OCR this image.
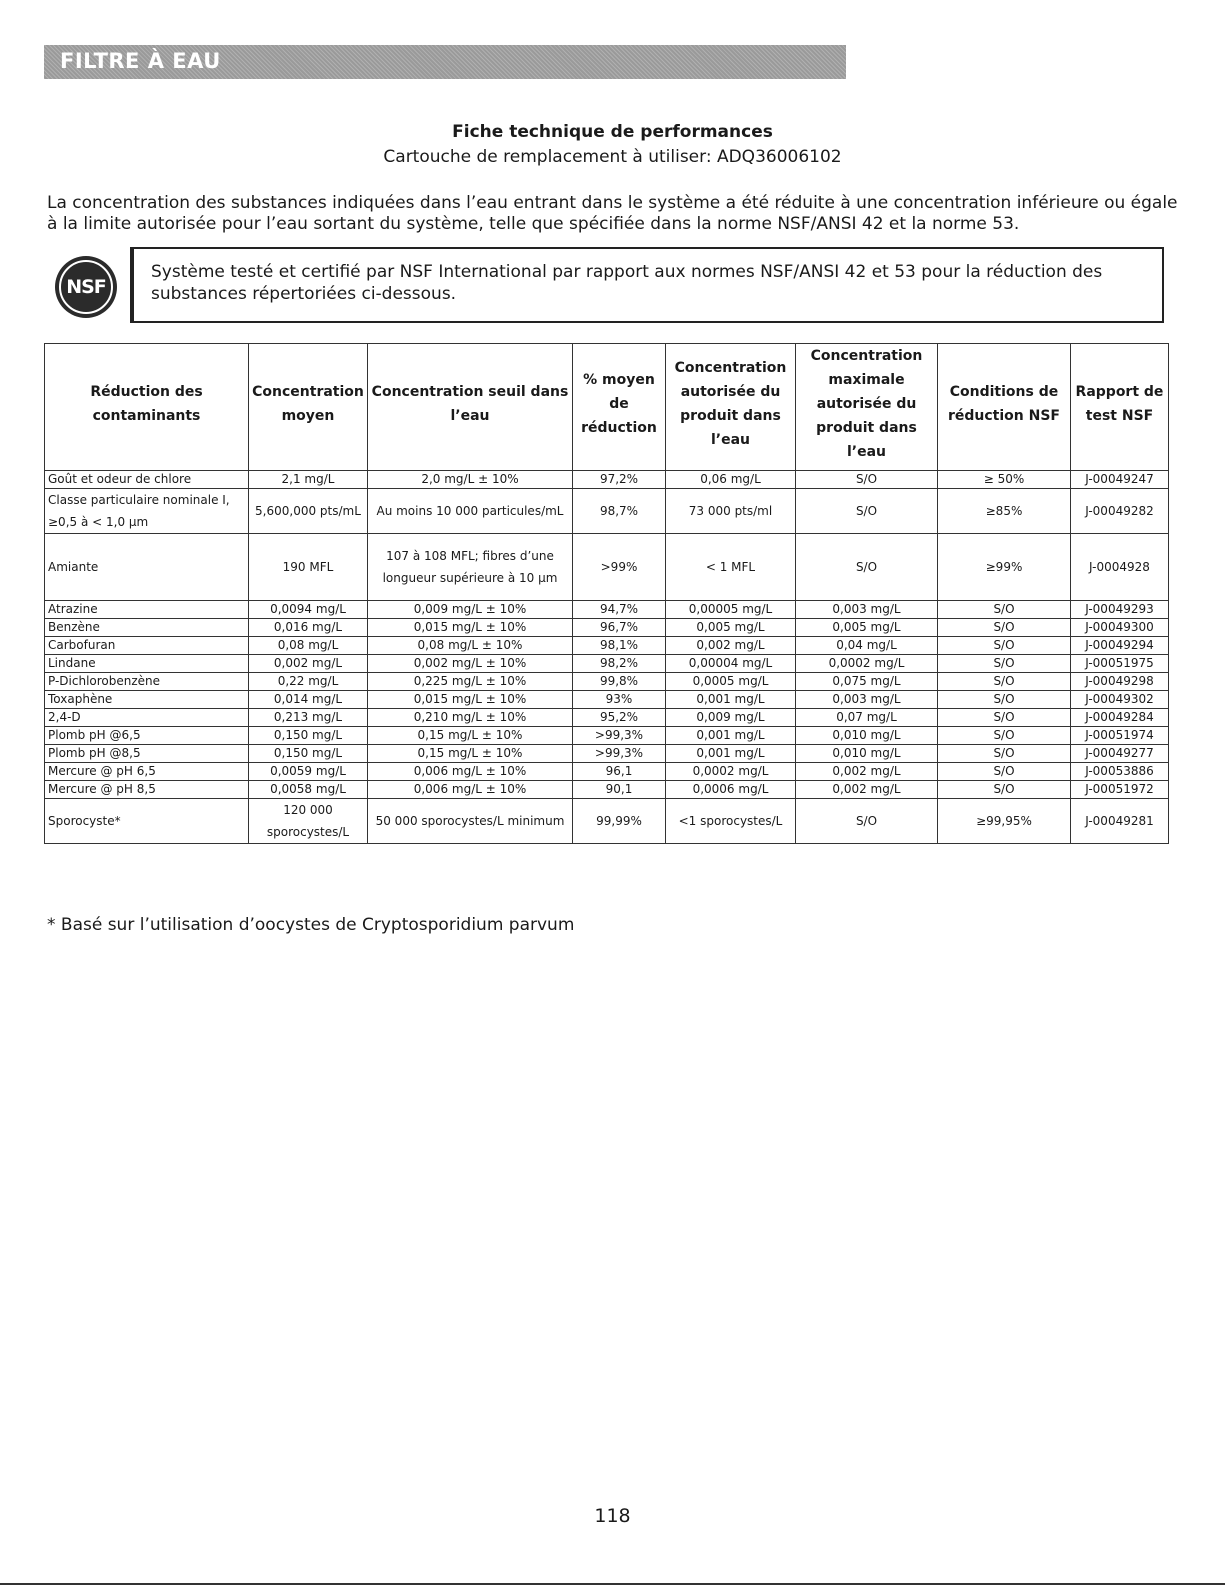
FILTRE À EAU
Fiche technique de performances
Cartouche de remplacement à utiliser: ADQ36006102
La concentration des substances indiquées dans l’eau entrant dans le système a été réduite à une concentration inférieure ou égale à la limite autorisée pour l’eau sortant du système, telle que spécifiée dans la norme NSF/ANSI 42 et la norme 53.
NSF
Système testé et certifié par NSF International par rapport aux normes NSF/ANSI 42 et 53 pour la réduction des substances répertoriées ci-dessous.
Réduction des contaminants	Concentration moyen	Concentration seuil dans l’eau	% moyen de réduction	Concentration autorisée du produit dans l’eau	Concentration maximale autorisée du produit dans l’eau	Conditions de réduction NSF	Rapport de test NSF
Goût et odeur de chlore	2,1 mg/L	2,0 mg/L ± 10%	97,2%	0,06 mg/L	S/O	≥ 50%	J-00049247
Classe particulaire nominale I, ≥0,5 à < 1,0 µm	5,600,000 pts/mL	Au moins 10 000 particules/mL	98,7%	73 000 pts/ml	S/O	≥85%	J-00049282
Amiante	190 MFL	107 à 108 MFL; fibres d’une longueur supérieure à 10 µm	>99%	< 1 MFL	S/O	≥99%	J-0004928
Atrazine	0,0094 mg/L	0,009 mg/L ± 10%	94,7%	0,00005 mg/L	0,003 mg/L	S/O	J-00049293
Benzène	0,016 mg/L	0,015 mg/L ± 10%	96,7%	0,005 mg/L	0,005 mg/L	S/O	J-00049300
Carbofuran	0,08 mg/L	0,08 mg/L ± 10%	98,1%	0,002 mg/L	0,04 mg/L	S/O	J-00049294
Lindane	0,002 mg/L	0,002 mg/L ± 10%	98,2%	0,00004 mg/L	0,0002 mg/L	S/O	J-00051975
P-Dichlorobenzène	0,22 mg/L	0,225 mg/L ± 10%	99,8%	0,0005 mg/L	0,075 mg/L	S/O	J-00049298
Toxaphène	0,014 mg/L	0,015 mg/L ± 10%	93%	0,001 mg/L	0,003 mg/L	S/O	J-00049302
2,4-D	0,213 mg/L	0,210 mg/L ± 10%	95,2%	0,009 mg/L	0,07 mg/L	S/O	J-00049284
Plomb pH @6,5	0,150 mg/L	0,15 mg/L ± 10%	>99,3%	0,001 mg/L	0,010 mg/L	S/O	J-00051974
Plomb pH @8,5	0,150 mg/L	0,15 mg/L ± 10%	>99,3%	0,001 mg/L	0,010 mg/L	S/O	J-00049277
Mercure @ pH 6,5	0,0059 mg/L	0,006 mg/L ± 10%	96,1	0,0002 mg/L	0,002 mg/L	S/O	J-00053886
Mercure @ pH 8,5	0,0058 mg/L	0,006 mg/L ± 10%	90,1	0,0006 mg/L	0,002 mg/L	S/O	J-00051972
Sporocyste*	120 000 sporocystes/L	50 000 sporocystes/L minimum	99,99%	<1 sporocystes/L	S/O	≥99,95%	J-00049281
* Basé sur l’utilisation d’oocystes de Cryptosporidium parvum
118
